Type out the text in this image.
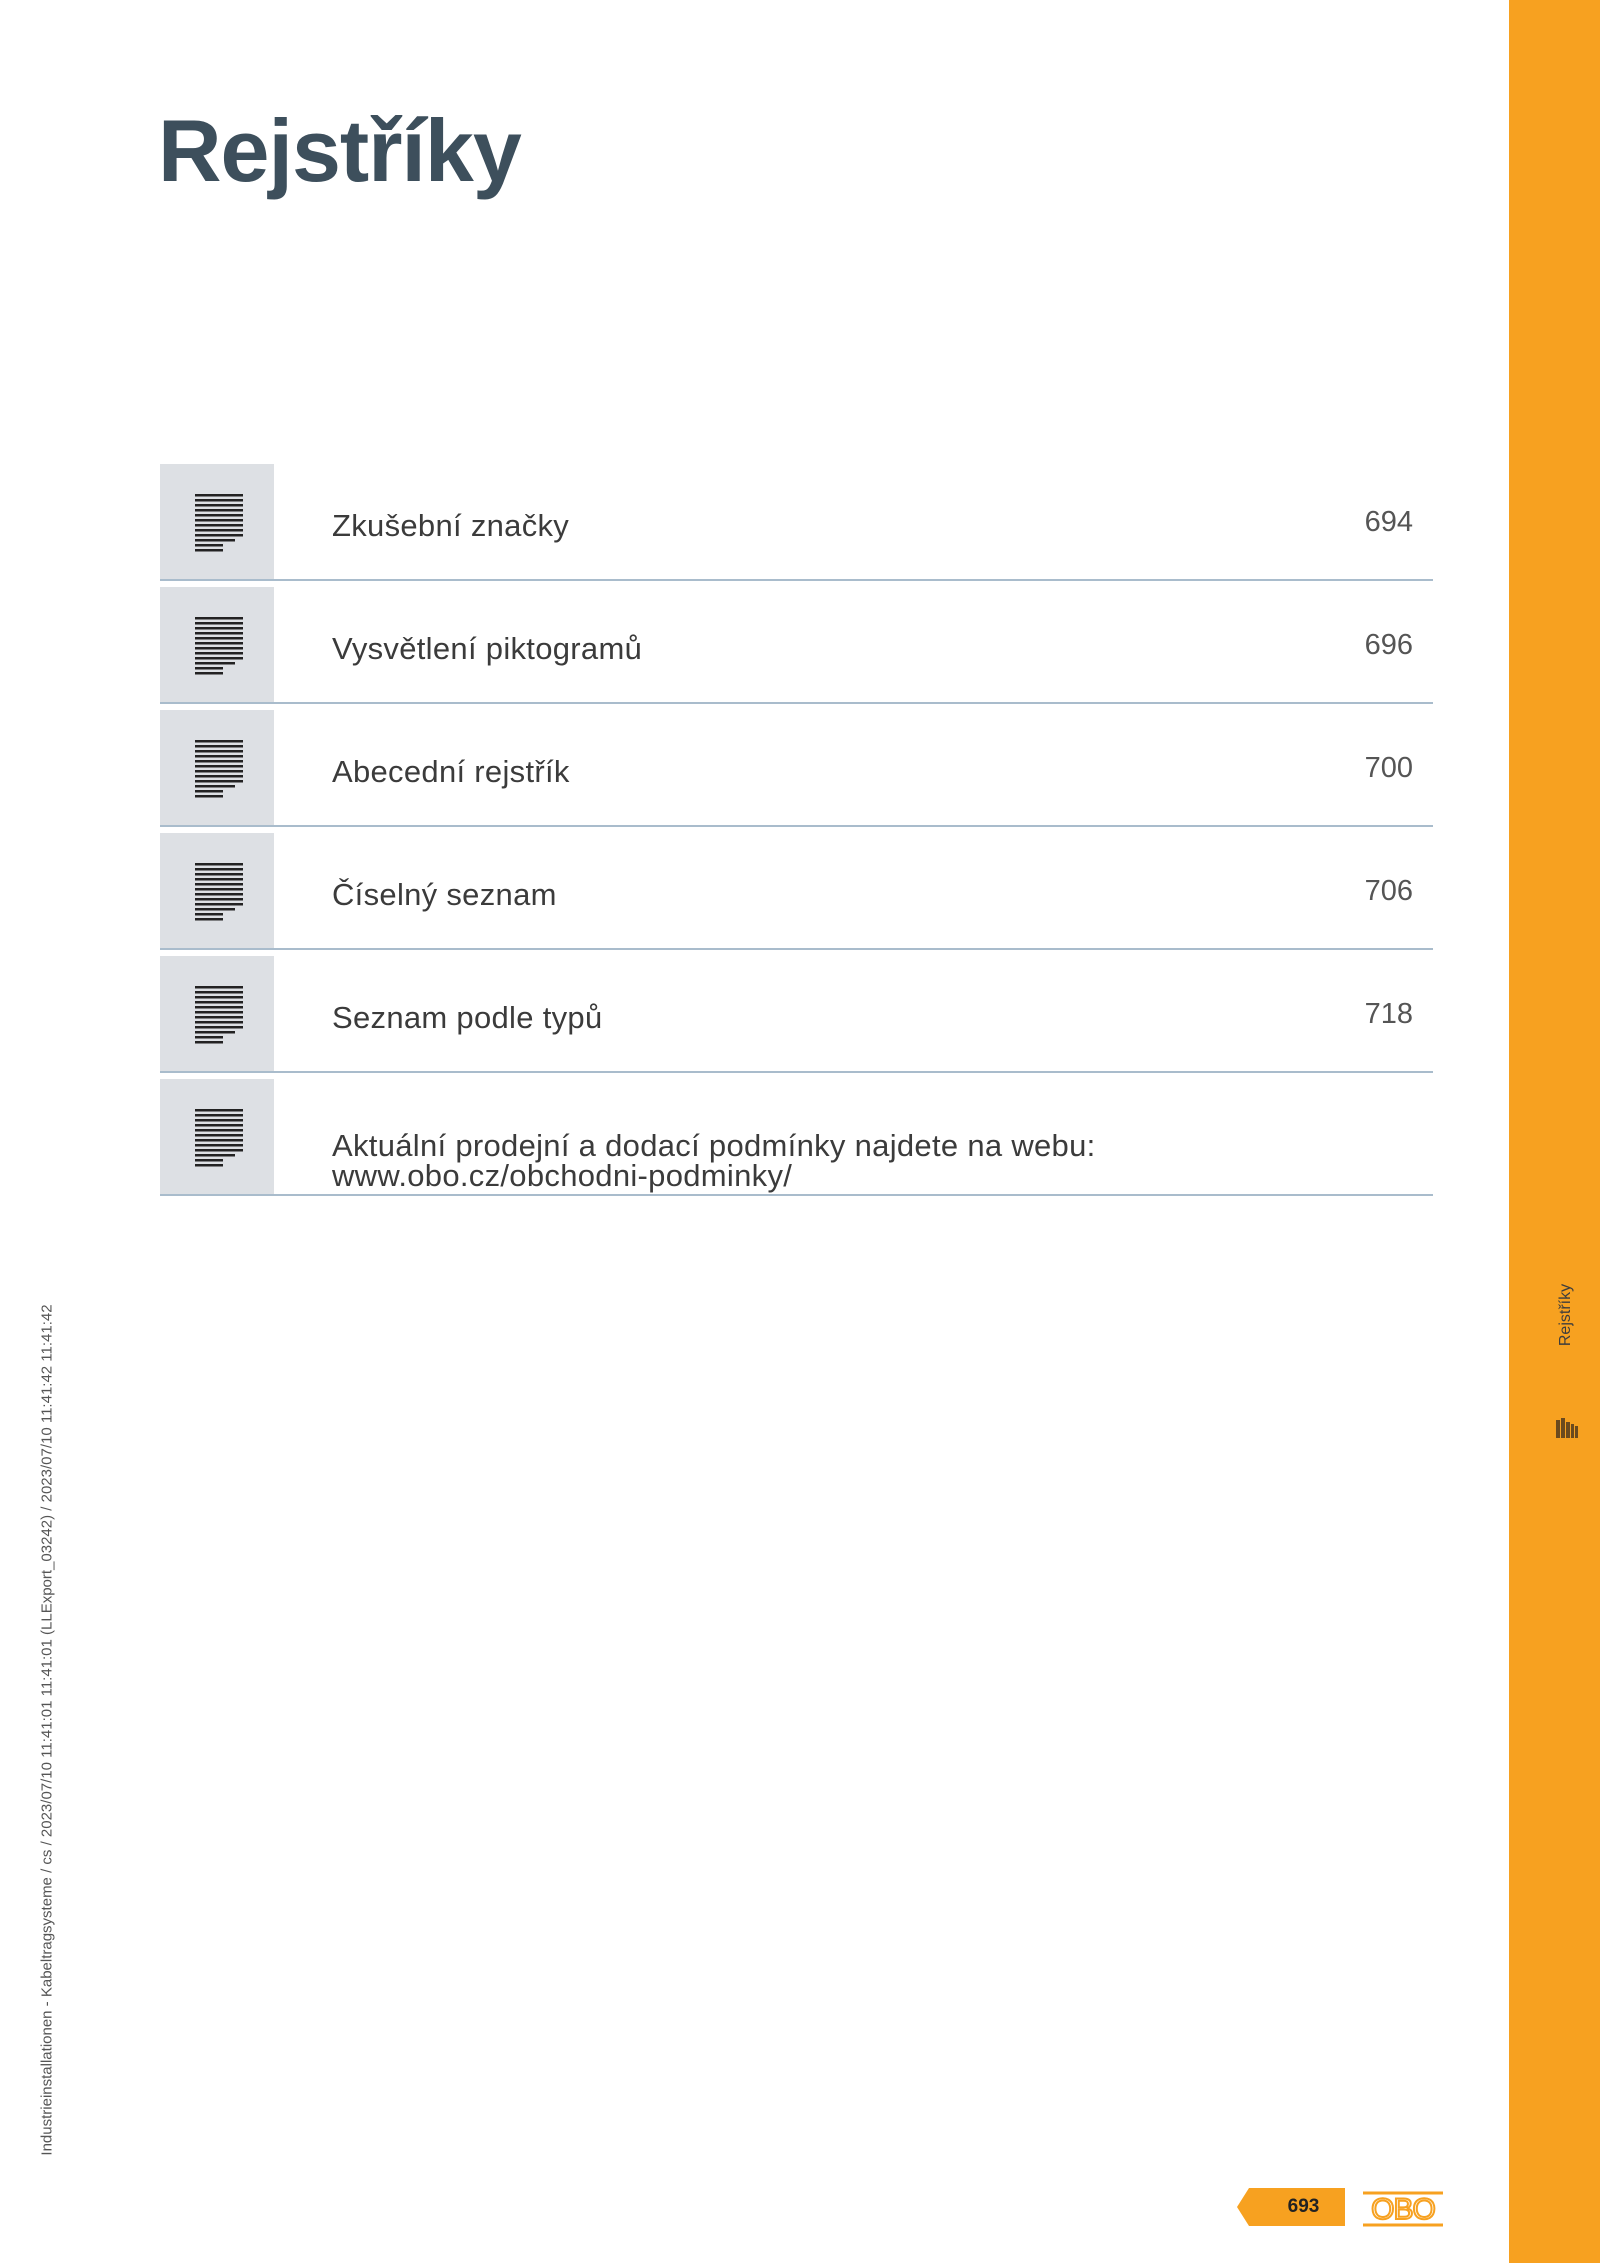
Rejstříky
Industrieinstallationen - Kabeltragsysteme / cs / 2023/07/10 11:41:01 11:41:01 (LLExport_03242) / 2023/07/10 11:41:42 11:41:42
Zkušební značky	694
Vysvětlení piktogramů	696
Abecední rejstřík	700
Číselný seznam	706
Seznam podle typů	718
Aktuální prodejní a dodací podmínky najdete na webu:
www.obo.cz/obchodni-podminky/
Rejstříky
693	OBO
